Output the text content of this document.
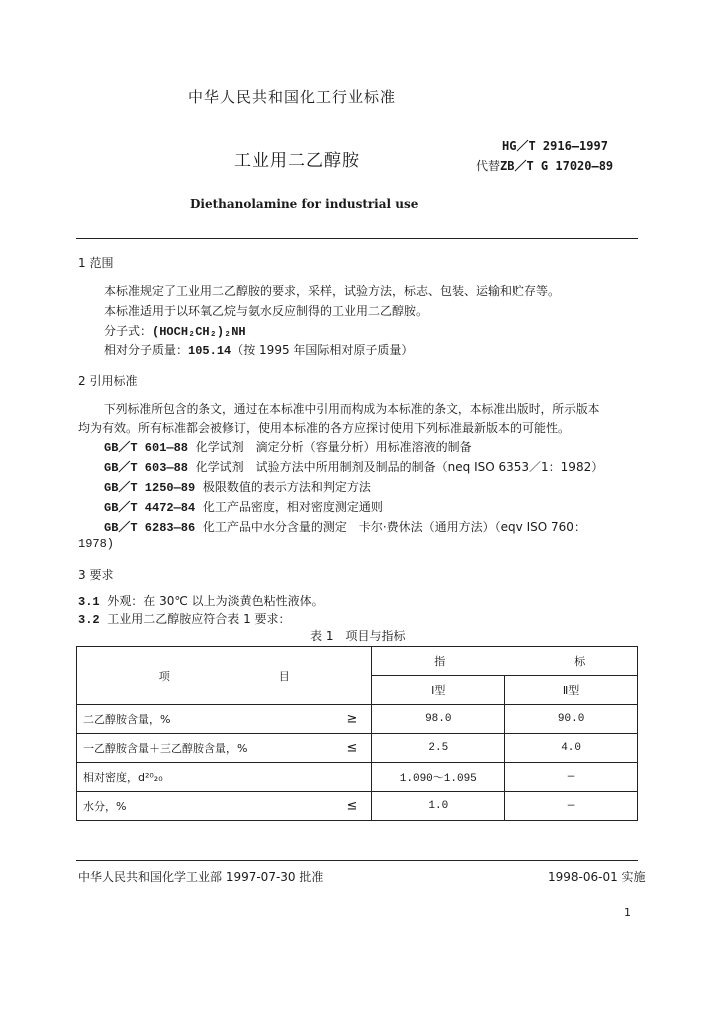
中华人民共和国化工行业标准
工业用二乙醇胺
HG／T 2916—1997
代替ZB／T G 17020—89
Diethanolamine for industrial use
1 范围
本标准规定了工业用二乙醇胺的要求，采样，试验方法，标志、包装、运输和贮存等。
本标准适用于以环氧乙烷与氨水反应制得的工业用二乙醇胺。
分子式：(HOCH₂CH₂)₂NH
相对分子质量：105.14（按 1995 年国际相对原子质量）
2 引用标准
下列标准所包含的条文，通过在本标准中引用而构成为本标准的条文，本标准出版时，所示版本
均为有效。所有标准都会被修订，使用本标准的各方应探讨使用下列标准最新版本的可能性。
GB／T 601—88 化学试剂　滴定分析（容量分析）用标准溶液的制备
GB／T 603—88 化学试剂　试验方法中所用制剂及制品的制备（neq ISO 6353／1：1982）
GB／T 1250—89 极限数值的表示方法和判定方法
GB／T 4472—84 化工产品密度，相对密度测定通则
GB／T 6283—86 化工产品中水分含量的测定　卡尔·费休法（通用方法）（eqv ISO 760：
1978)
3 要求
3.1 外观：在 30℃ 以上为淡黄色粘性液体。
3.2 工业用二乙醇胺应符合表 1 要求：
表 1　项目与指标
项 目	指 标	
	Ⅰ型	Ⅱ型
二乙醇胺含量，% ≥	98.0	90.0
一乙醇胺含量＋三乙醇胺含量，% ≤	2.5	4.0
相对密度，d²⁰₂₀	1.090～1.095	—
水分，% ≤	1.0	—
中华人民共和国化学工业部 1997-07-30 批准	1998-06-01 实施
1
